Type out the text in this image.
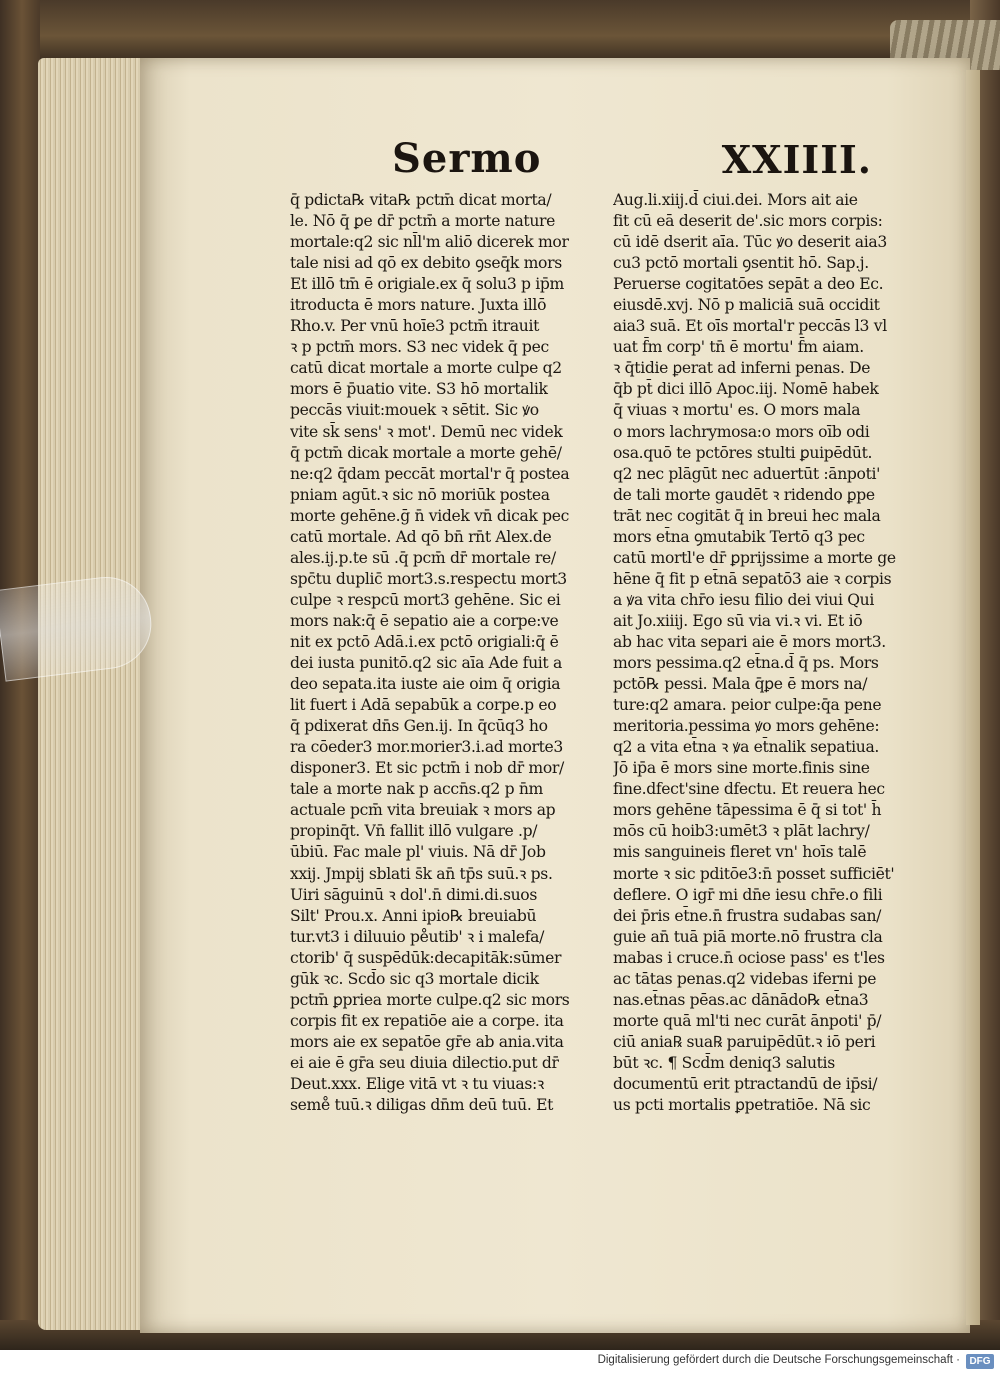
Sermo	XXIIII.
q̄ pdicta℞ vita℞ pctm̄ dicat morta/
le. Nō q̄ ꝑe dr̄ pctm̄ a morte nature
mortale:q2 sic nl̄l'm aliō dicerek mor
tale nisi ad qō ex debito ꝯseq̄k mors
Et illō tm̄ ē origiale.ex q̄ solu3 p ip̄m
itroducta ē mors nature. Juxta illō
Rho.v. Per vnū hoīe3 pctm̄ itrauit
ꝛ p pctm̄ mors. S3 nec videk q̄ pec
catū dicat mortale a morte culpe q2
mors ē p̄uatio vite. S3 hō mortalik
peccās viuit:mouek ꝛ sētit. Sic ꝟo
vite sk̄ sens' ꝛ mot'. Demū nec videk
q̄ pctm̄ dicak mortale a morte gehē/
ne:q2 q̄dam peccāt mortal'r q̄ postea
pniam agūt.ꝛ sic nō moriūk postea
morte gehēne.ḡ n̄ videk vn̄ dicak pec
catū mortale. Ad qō bn̄ rn̄t Alex.de
ales.ij.p.te sū .q̄ pcm̄ dr̄ mortale re/
spc̄tu duplic̄ mort3.s.respectu mort3
culpe ꝛ respcū mort3 gehēne. Sic ei
mors nak:q̄ ē sepatio aie a corpe:ve
nit ex pctō Adā.i.ex pctō origiali:q̄ ē
dei iusta punitō.q2 sic aīa Ade fuit a
deo sepata.ita iuste aie oim q̄ origia
lit fuert i Adā sepabūk a corpe.p eo
q̄ pdixerat dn̄s Gen.ij. In q̄cūq3 ho
ra cōeder3 mor.morier3.i.ad morte3
disponer3. Et sic pctm̄ i nob dr̄ mor/
tale a morte nak p accn̄s.q2 p n̄m
actuale pcm̄ vita breuiak ꝛ mors ap
propinq̄t. Vn̄ fallit illō vulgare .p/
ūbiū. Fac male pl' viuis. Nā dr̄ Job
xxij. Jmpij sblati s̄k an̄ tp̄s suū.ꝛ ps.
Uiri sāguinū ꝛ dol'.n̄ dimi.di.suos
Silt' Prou.x. Anni ipio℞ breuiabū
tur.vt3 i diluuio pe̊utib' ꝛ i malefa/
ctorib' q̄ suspēdūk:decapitāk:sūmer
gūk ꝛc. Scd̄o sic q3 mortale dicik
pctm̄ ꝑpriea morte culpe.q2 sic mors
corpis fit ex repatiōe aie a corpe. ita
mors aie ex sepatōe gr̄e ab ania.vita
ei aie ē gr̄a seu diuia dilectio.put dr̄
Deut.xxx. Elige vitā vt ꝛ tu viuas:ꝛ
seme̊ tuū.ꝛ diligas dn̄m deū tuū. Et
Aug.li.xiij.d̄ ciui.dei. Mors ait aie
fit cū eā deserit de'.sic mors corpis:
cū idē dserit aīa. Tūc ꝟo deserit aia3
cu3 pctō mortali ꝯsentit hō. Sap.j.
Peruerse cogitatōes sepāt a deo Ec.
eiusdē.xvj. Nō p maliciā suā occidit
aia3 suā. Et oīs mortal'r peccās l3 vl
uat f̄m corp' tn̄ ē mortu' f̄m aiam.
ꝛ q̄tidie ꝑerat ad inferni penas. De
q̄b pt̄ dici illō Apoc.iij. Nomē habek
q̄ viuas ꝛ mortu' es. O mors mala
o mors lachrymosa:o mors oīb odi
osa.quō te pctōres stulti ꝑuipēdūt.
q2 nec plāgūt nec aduertūt :ānpoti'
de tali morte gaudēt ꝛ ridendo ꝑpe
trāt nec cogitāt q̄ in breui hec mala
mors et̄na ꝯmutabik Tertō q3 pec
catū mortl'e dr̄ ꝑprijssime a morte ge
hēne q̄ fit p et̄nā sepatō3 aie ꝛ corpis
a ꝟa vita chr̄o iesu filio dei viui Qui
ait Jo.xiiij. Ego sū via vi.ꝛ vi. Et iō
ab hac vita separi aie ē mors mort3.
mors pessima.q2 et̄na.d̄ q̄ ps. Mors
pctō℞ pessi. Mala q̄ꝑe ē mors na/
ture:q2 amara. peior culpe:q̄a pene
meritoria.pessima ꝟo mors gehēne:
q2 a vita et̄na ꝛ ꝟa et̄nalik sepatiua.
Jō ip̄a ē mors sine morte.finis sine
fine.dfect'sine dfectu. Et reuera hec
mors gehēne tāpessima ē q̄ si tot' h̄
mōs cū hoib3:umēt3 ꝛ plāt lachry/
mis sanguineis fleret vn' hoīs talē
morte ꝛ sic pditōe3:n̄ posset sufficiēt'
deflere. O igr̄ mi dn̄e iesu chr̄e.o fili
dei p̄ris et̄ne.n̄ frustra sudabas san/
guie an̄ tuā piā morte.nō frustra cla
mabas i cruce.n̄ ociose pass' es t'les
ac tātas penas.q2 videbas iferni pe
nas.et̄nas pēas.ac dānādo℞ et̄na3
morte quā ml'ti nec curāt ānpoti' p̄/
ciū ania℞ sua℞ paruipēdūt.ꝛ iō peri
būt ꝛc. ¶ Scd̄m deniq3 salutis
documentū erit ptractandū de ip̄si/
us pcti mortalis ꝑpetratiōe. Nā sic
Digitalisierung gefördert durch die Deutsche Forschungsgemeinschaft · DFG
